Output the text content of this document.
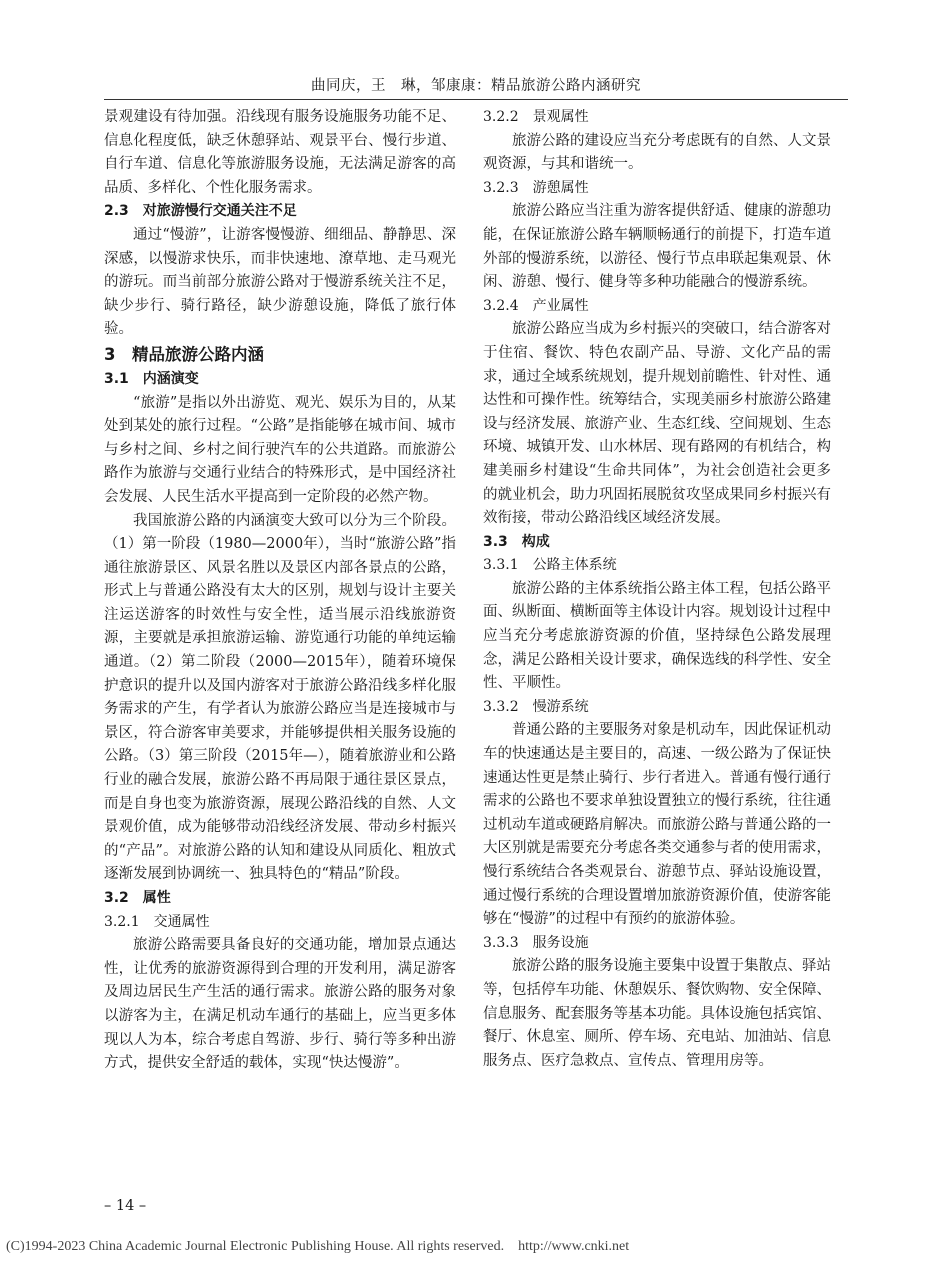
曲同庆，王　琳，邹康康：精品旅游公路内涵研究

景观建设有待加强。沿线现有服务设施服务功能不足、信息化程度低，缺乏休憩驿站、观景平台、慢行步道、自行车道、信息化等旅游服务设施，无法满足游客的高品质、多样化、个性化服务需求。

2.3　对旅游慢行交通关注不足

通过“慢游”，让游客慢慢游、细细品、静静思、深深感，以慢游求快乐，而非快速地、潦草地、走马观光的游玩。而当前部分旅游公路对于慢游系统关注不足，缺少步行、骑行路径，缺少游憩设施，降低了旅行体验。

3　精品旅游公路内涵

3.1　内涵演变

“旅游”是指以外出游览、观光、娱乐为目的，从某处到某处的旅行过程。“公路”是指能够在城市间、城市与乡村之间、乡村之间行驶汽车的公共道路。而旅游公路作为旅游与交通行业结合的特殊形式，是中国经济社会发展、人民生活水平提高到一定阶段的必然产物。

我国旅游公路的内涵演变大致可以分为三个阶段。（1）第一阶段（1980—2000年），当时“旅游公路”指通往旅游景区、风景名胜以及景区内部各景点的公路，形式上与普通公路没有太大的区别，规划与设计主要关注运送游客的时效性与安全性，适当展示沿线旅游资源，主要就是承担旅游运输、游览通行功能的单纯运输通道。（2）第二阶段（2000—2015年），随着环境保护意识的提升以及国内游客对于旅游公路沿线多样化服务需求的产生，有学者认为旅游公路应当是连接城市与景区，符合游客审美要求，并能够提供相关服务设施的公路。（3）第三阶段（2015年—），随着旅游业和公路行业的融合发展，旅游公路不再局限于通往景区景点，而是自身也变为旅游资源，展现公路沿线的自然、人文景观价值，成为能够带动沿线经济发展、带动乡村振兴的“产品”。对旅游公路的认知和建设从同质化、粗放式逐渐发展到协调统一、独具特色的“精品”阶段。

3.2　属性

3.2.1　交通属性

旅游公路需要具备良好的交通功能，增加景点通达性，让优秀的旅游资源得到合理的开发利用，满足游客及周边居民生产生活的通行需求。旅游公路的服务对象以游客为主，在满足机动车通行的基础上，应当更多体现以人为本，综合考虑自驾游、步行、骑行等多种出游方式，提供安全舒适的载体，实现“快达慢游”。

3.2.2　景观属性

旅游公路的建设应当充分考虑既有的自然、人文景观资源，与其和谐统一。

3.2.3　游憩属性

旅游公路应当注重为游客提供舒适、健康的游憩功能，在保证旅游公路车辆顺畅通行的前提下，打造车道外部的慢游系统，以游径、慢行节点串联起集观景、休闲、游憩、慢行、健身等多种功能融合的慢游系统。

3.2.4　产业属性

旅游公路应当成为乡村振兴的突破口，结合游客对于住宿、餐饮、特色农副产品、导游、文化产品的需求，通过全域系统规划，提升规划前瞻性、针对性、通达性和可操作性。统筹结合，实现美丽乡村旅游公路建设与经济发展、旅游产业、生态红线、空间规划、生态环境、城镇开发、山水林居、现有路网的有机结合，构建美丽乡村建设“生命共同体”，为社会创造社会更多的就业机会，助力巩固拓展脱贫攻坚成果同乡村振兴有效衔接，带动公路沿线区域经济发展。

3.3　构成

3.3.1　公路主体系统

旅游公路的主体系统指公路主体工程，包括公路平面、纵断面、横断面等主体设计内容。规划设计过程中应当充分考虑旅游资源的价值，坚持绿色公路发展理念，满足公路相关设计要求，确保选线的科学性、安全性、平顺性。

3.3.2　慢游系统

普通公路的主要服务对象是机动车，因此保证机动车的快速通达是主要目的，高速、一级公路为了保证快速通达性更是禁止骑行、步行者进入。普通有慢行通行需求的公路也不要求单独设置独立的慢行系统，往往通过机动车道或硬路肩解决。而旅游公路与普通公路的一大区别就是需要充分考虑各类交通参与者的使用需求，慢行系统结合各类观景台、游憩节点、驿站设施设置，通过慢行系统的合理设置增加旅游资源价值，使游客能够在“慢游”的过程中有预约的旅游体验。

3.3.3　服务设施

旅游公路的服务设施主要集中设置于集散点、驿站等，包括停车功能、休憩娱乐、餐饮购物、安全保障、信息服务、配套服务等基本功能。具体设施包括宾馆、餐厅、休息室、厕所、停车场、充电站、加油站、信息服务点、医疗急救点、宣传点、管理用房等。

– 14 –
(C)1994-2023 China Academic Journal Electronic Publishing House. All rights reserved.　http://www.cnki.net
